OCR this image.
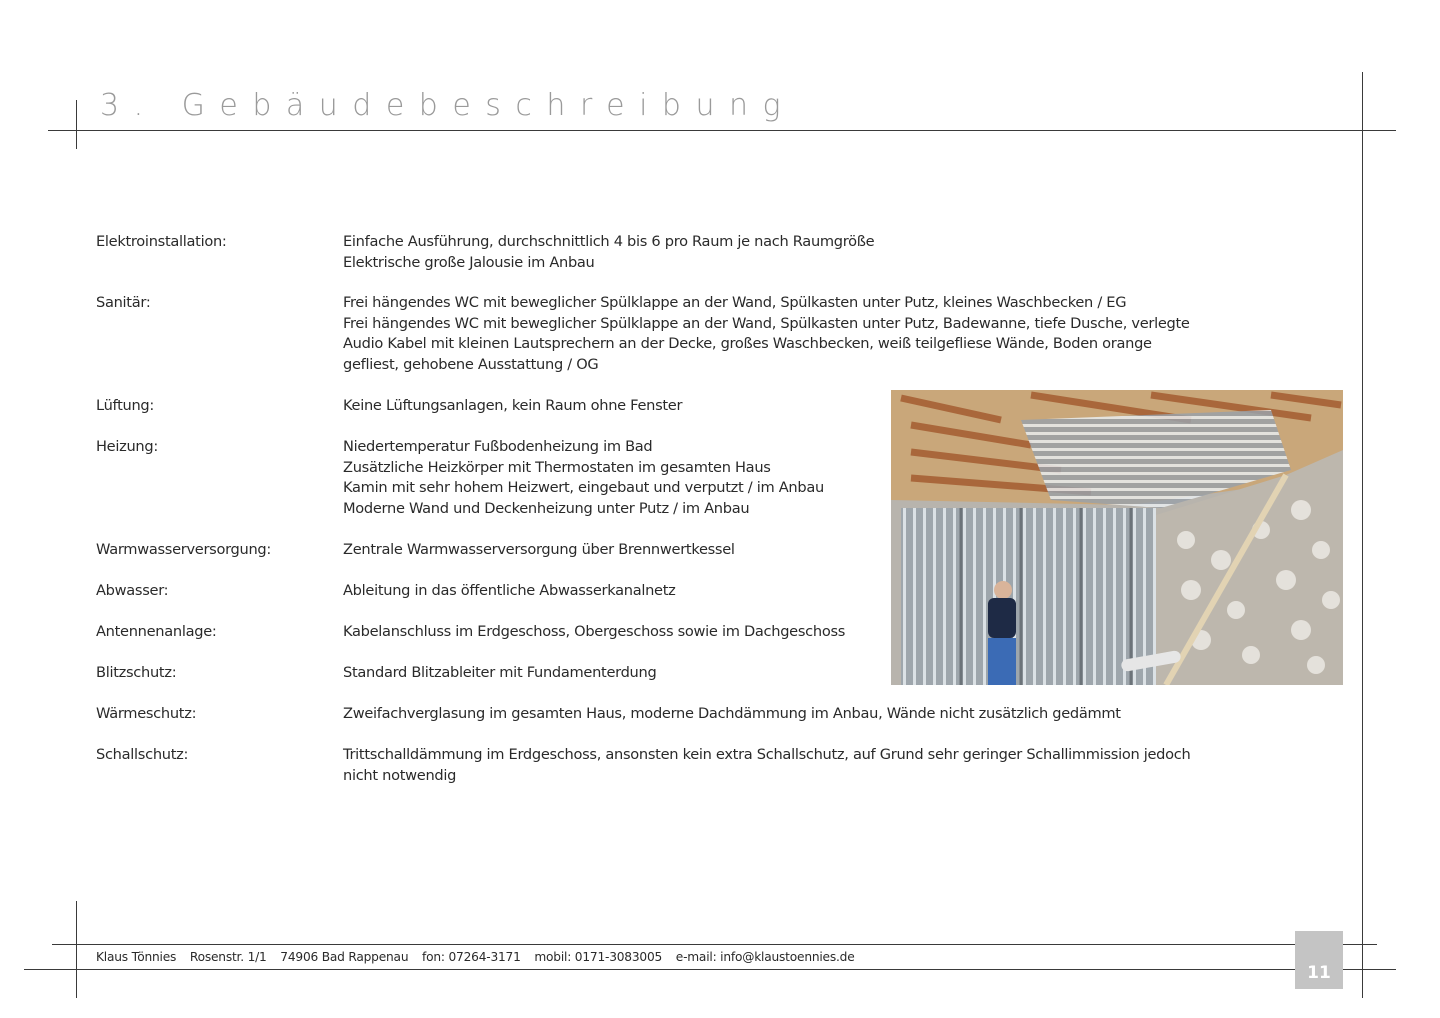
3. Gebäudebeschreibung
Elektroinstallation:	Einfache Ausführung, durchschnittlich 4 bis 6 pro Raum je nach Raumgröße
Elektrische große Jalousie im Anbau
Sanitär:	Frei hängendes WC mit beweglicher Spülklappe an der Wand, Spülkasten unter Putz, kleines Waschbecken / EG
Frei hängendes WC mit beweglicher Spülklappe an der Wand, Spülkasten unter Putz, Badewanne, tiefe Dusche, verlegte
Audio Kabel mit kleinen Lautsprechern an der Decke, großes Waschbecken, weiß teilgefliese Wände, Boden orange
gefliest, gehobene Ausstattung / OG
Lüftung:	Keine Lüftungsanlagen, kein Raum ohne Fenster
Heizung:	Niedertemperatur Fußbodenheizung im Bad
Zusätzliche Heizkörper mit Thermostaten im gesamten Haus
Kamin mit sehr hohem Heizwert, eingebaut und verputzt / im Anbau
Moderne Wand und Deckenheizung unter Putz / im Anbau
Warmwasserversorgung:	Zentrale Warmwasserversorgung über Brennwertkessel
Abwasser:	Ableitung in das öffentliche Abwasserkanalnetz
Antennenanlage:	Kabelanschluss im Erdgeschoss, Obergeschoss sowie im Dachgeschoss
Blitzschutz:	Standard Blitzableiter mit Fundamenterdung
Wärmeschutz:	Zweifachverglasung im gesamten Haus, moderne Dachdämmung im Anbau, Wände nicht zusätzlich gedämmt
Schallschutz:	Trittschalldämmung im Erdgeschoss, ansonsten kein extra Schallschutz, auf Grund sehr geringer Schallimmission jedoch
nicht notwendig
Klaus Tönnies Rosenstr. 1/1 74906 Bad Rappenau fon: 07264-3171 mobil: 0171-3083005 e-mail: info@klaustoennies.de
11
